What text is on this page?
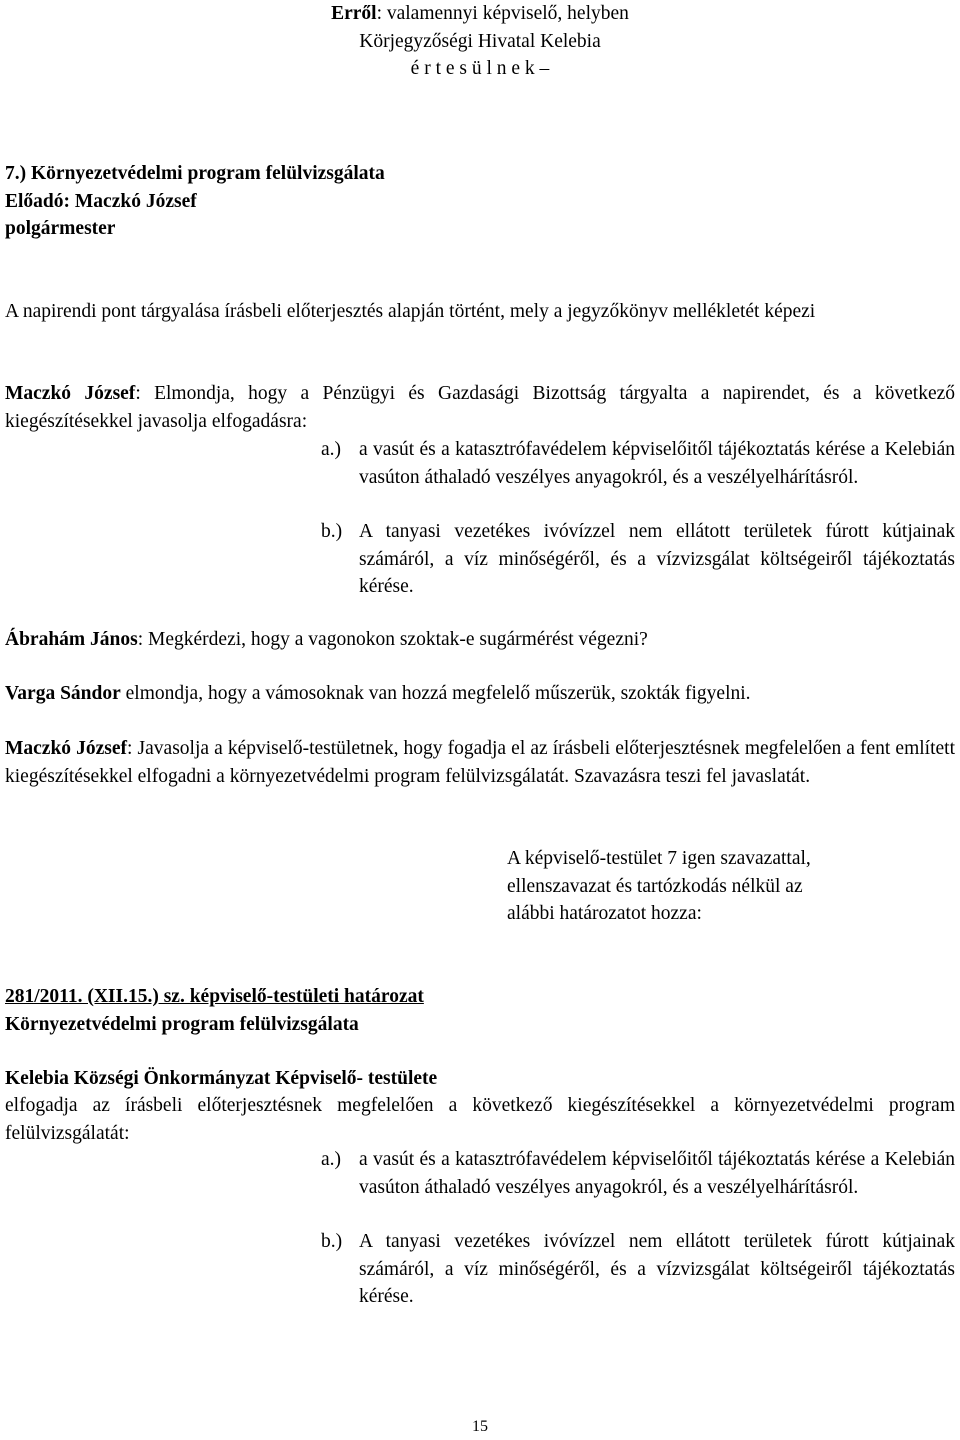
Erről: valamennyi képviselő, helyben
Körjegyzőségi Hivatal Kelebia
é r t e s ü l n e k –
7.) Környezetvédelmi program felülvizsgálata
Előadó: Maczkó József
polgármester
A napirendi pont tárgyalása írásbeli előterjesztés alapján történt, mely a jegyzőkönyv mellékletét képezi
Maczkó József: Elmondja, hogy a Pénzügyi és Gazdasági Bizottság tárgyalta a napirendet, és a következő kiegészítésekkel javasolja elfogadásra:
a.) a vasút és a katasztrófavédelem képviselőitől tájékoztatás kérése a Kelebián vasúton áthaladó veszélyes anyagokról, és a veszélyelhárításról.
b.) A tanyasi vezetékes ivóvízzel nem ellátott területek fúrott kútjainak számáról, a víz minőségéről, és a vízvizsgálat költségeiről tájékoztatás kérése.
Ábrahám János: Megkérdezi, hogy a vagonokon szoktak-e sugármérést végezni?
Varga Sándor elmondja, hogy a vámosoknak van hozzá megfelelő műszerük, szokták figyelni.
Maczkó József: Javasolja a képviselő-testületnek, hogy fogadja el az írásbeli előterjesztésnek megfelelően a fent említett kiegészítésekkel elfogadni a környezetvédelmi program felülvizsgálatát. Szavazásra teszi fel javaslatát.
A képviselő-testület 7 igen szavazattal,
ellenszavazat és tartózkodás nélkül az
alábbi határozatot hozza:
281/2011. (XII.15.) sz. képviselő-testületi határozat
Környezetvédelmi program felülvizsgálata
Kelebia Községi Önkormányzat Képviselő- testülete
elfogadja az írásbeli előterjesztésnek megfelelően a következő kiegészítésekkel a környezetvédelmi program felülvizsgálatát:
a.) a vasút és a katasztrófavédelem képviselőitől tájékoztatás kérése a Kelebián vasúton áthaladó veszélyes anyagokról, és a veszélyelhárításról.
b.) A tanyasi vezetékes ivóvízzel nem ellátott területek fúrott kútjainak számáról, a víz minőségéről, és a vízvizsgálat költségeiről tájékoztatás kérése.
15
